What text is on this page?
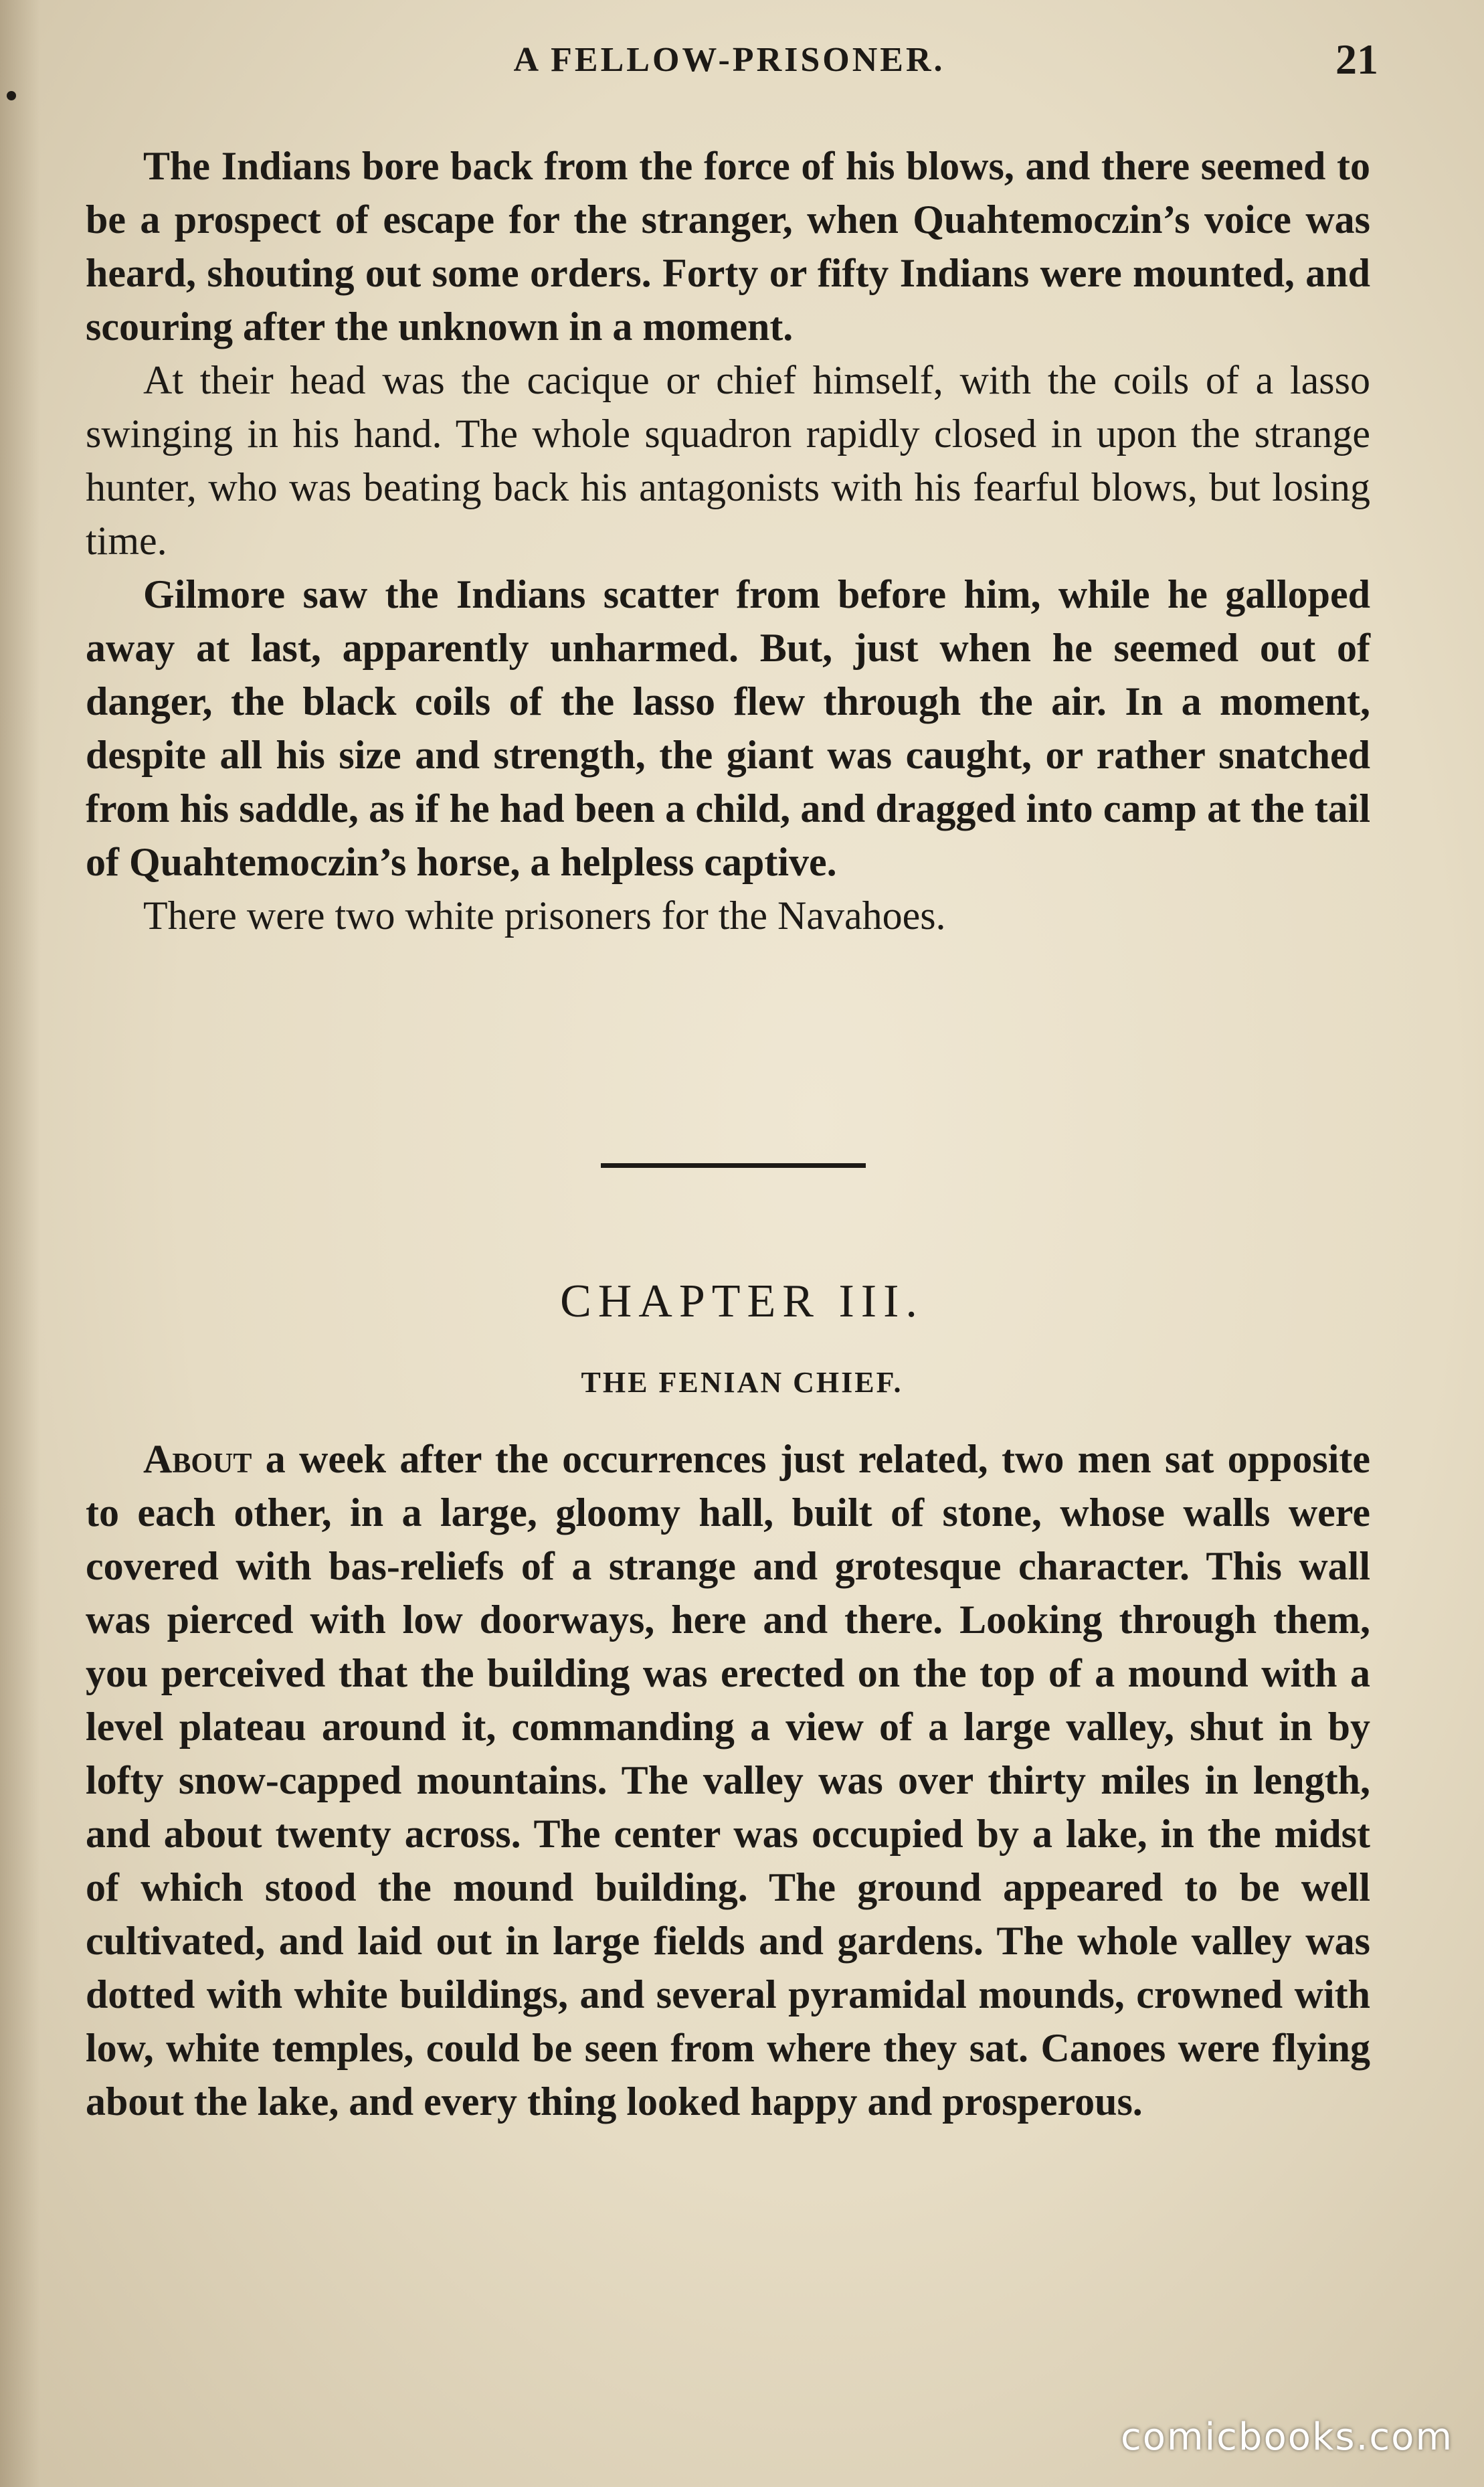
A FELLOW-PRISONER.	21

The Indians bore back from the force of his blows, and there seemed to be a prospect of escape for the stranger, when Quahtemoczin’s voice was heard, shouting out some orders. Forty or fifty Indians were mounted, and scouring after the unknown in a moment.

At their head was the cacique or chief himself, with the coils of a lasso swinging in his hand. The whole squadron rapidly closed in upon the strange hunter, who was beating back his antagonists with his fearful blows, but losing time.

Gilmore saw the Indians scatter from before him, while he galloped away at last, apparently unharmed. But, just when he seemed out of danger, the black coils of the lasso flew through the air. In a moment, despite all his size and strength, the giant was caught, or rather snatched from his saddle, as if he had been a child, and dragged into camp at the tail of Quahtemoczin’s horse, a helpless captive.

There were two white prisoners for the Navahoes.

CHAPTER III.
THE FENIAN CHIEF.

About a week after the occurrences just related, two men sat opposite to each other, in a large, gloomy hall, built of stone, whose walls were covered with bas-reliefs of a strange and grotesque character. This wall was pierced with low doorways, here and there. Looking through them, you perceived that the building was erected on the top of a mound with a level plateau around it, commanding a view of a large valley, shut in by lofty snow-capped mountains. The valley was over thirty miles in length, and about twenty across. The center was occupied by a lake, in the midst of which stood the mound building. The ground appeared to be well cultivated, and laid out in large fields and gardens. The whole valley was dotted with white buildings, and several pyramidal mounds, crowned with low, white temples, could be seen from where they sat. Canoes were flying about the lake, and every thing looked happy and prosperous.

comicbooks.com
